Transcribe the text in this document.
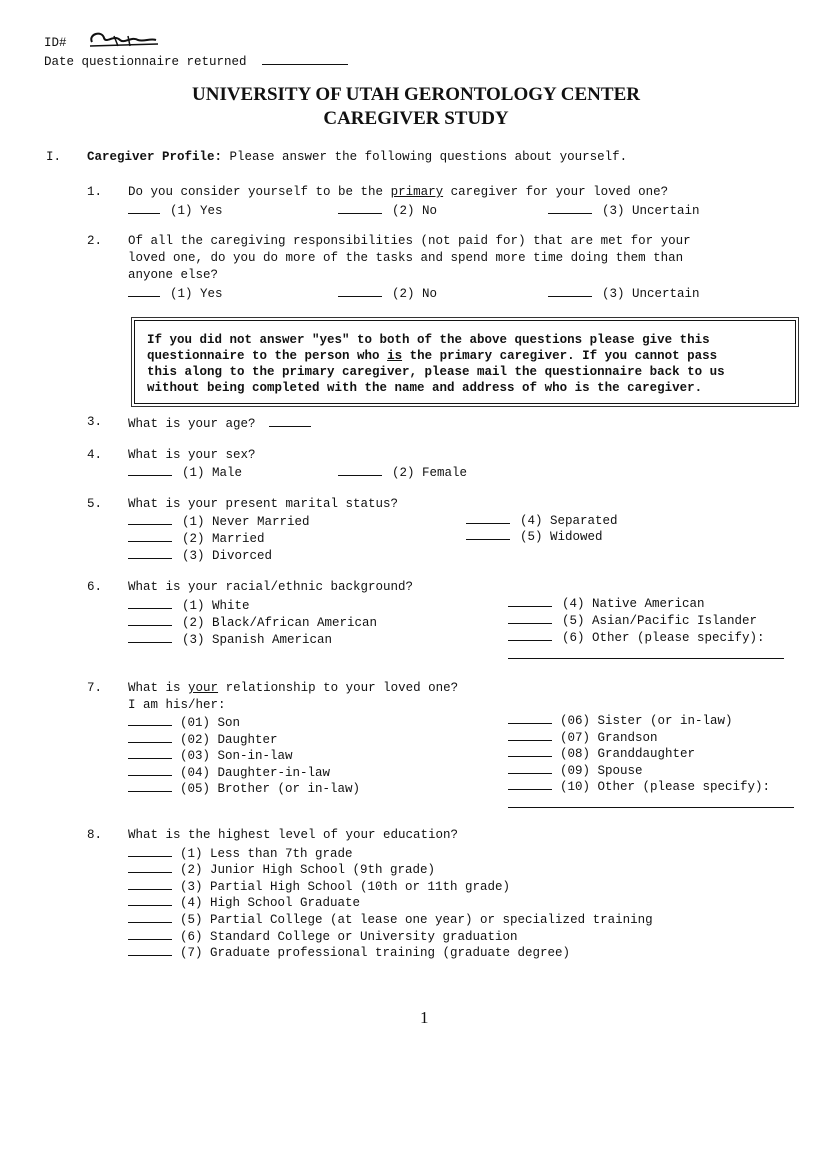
ID#
Date questionnaire returned
UNIVERSITY OF UTAH GERONTOLOGY CENTER
CAREGIVER STUDY
I. Caregiver Profile: Please answer the following questions about yourself.
1. Do you consider yourself to be the primary caregiver for your loved one?
(1) Yes	(2) No	(3) Uncertain
2. Of all the caregiving responsibilities (not paid for) that are met for your
loved one, do you do more of the tasks and spend more time doing them than
anyone else?
(1) Yes	(2) No	(3) Uncertain
If you did not answer "yes" to both of the above questions please give this
questionnaire to the person who is the primary caregiver. If you cannot pass
this along to the primary caregiver, please mail the questionnaire back to us
without being completed with the name and address of who is the caregiver.
3. What is your age?
4. What is your sex?
(1) Male	(2) Female
5. What is your present marital status?
(1) Never Married
(2) Married
(3) Divorced
(4) Separated
(5) Widowed
6. What is your racial/ethnic background?
(1) White
(2) Black/African American
(3) Spanish American
(4) Native American
(5) Asian/Pacific Islander
(6) Other (please specify):
7. What is your relationship to your loved one?
I am his/her:
(01) Son
(02) Daughter
(03) Son-in-law
(04) Daughter-in-law
(05) Brother (or in-law)
(06) Sister (or in-law)
(07) Grandson
(08) Granddaughter
(09) Spouse
(10) Other (please specify):
8. What is the highest level of your education?
(1) Less than 7th grade
(2) Junior High School (9th grade)
(3) Partial High School (10th or 11th grade)
(4) High School Graduate
(5) Partial College (at lease one year) or specialized training
(6) Standard College or University graduation
(7) Graduate professional training (graduate degree)
1
